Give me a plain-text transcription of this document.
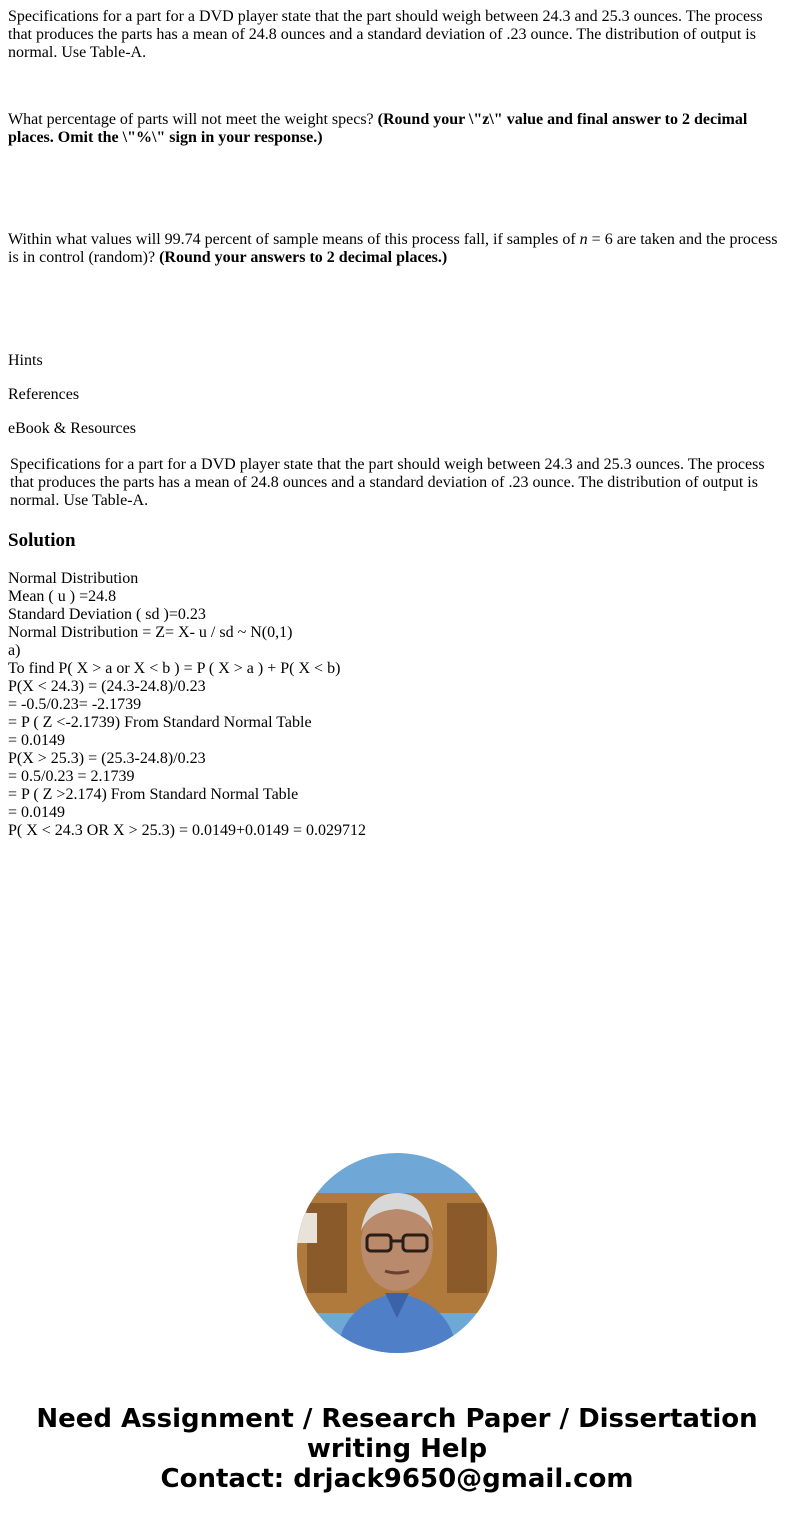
Specifications for a part for a DVD player state that the part should weigh between 24.3 and 25.3 ounces. The process that produces the parts has a mean of 24.8 ounces and a standard deviation of .23 ounce. The distribution of output is normal. Use Table-A.

What percentage of parts will not meet the weight specs? (Round your \"z\" value and final answer to 2 decimal places. Omit the \"%\" sign in your response.)

Within what values will 99.74 percent of sample means of this process fall, if samples of n = 6 are taken and the process is in control (random)? (Round your answers to 2 decimal places.)

Hints
References
eBook & Resources
Specifications for a part for a DVD player state that the part should weigh between 24.3 and 25.3 ounces. The process that produces the parts has a mean of 24.8 ounces and a standard deviation of .23 ounce. The distribution of output is normal. Use Table-A.
Solution
Normal Distribution
Mean ( u ) =24.8
Standard Deviation ( sd )=0.23
Normal Distribution = Z= X- u / sd ~ N(0,1)
a)
To find P( X > a or X < b ) = P ( X > a ) + P( X < b)
P(X < 24.3) = (24.3-24.8)/0.23
= -0.5/0.23= -2.1739
= P ( Z <-2.1739) From Standard Normal Table
= 0.0149
P(X > 25.3) = (25.3-24.8)/0.23
= 0.5/0.23 = 2.1739
= P ( Z >2.174) From Standard Normal Table
= 0.0149
P( X < 24.3 OR X > 25.3) = 0.0149+0.0149 = 0.029712
Need Assignment / Research Paper / Dissertation
writing Help
Contact: drjack9650@gmail.com
